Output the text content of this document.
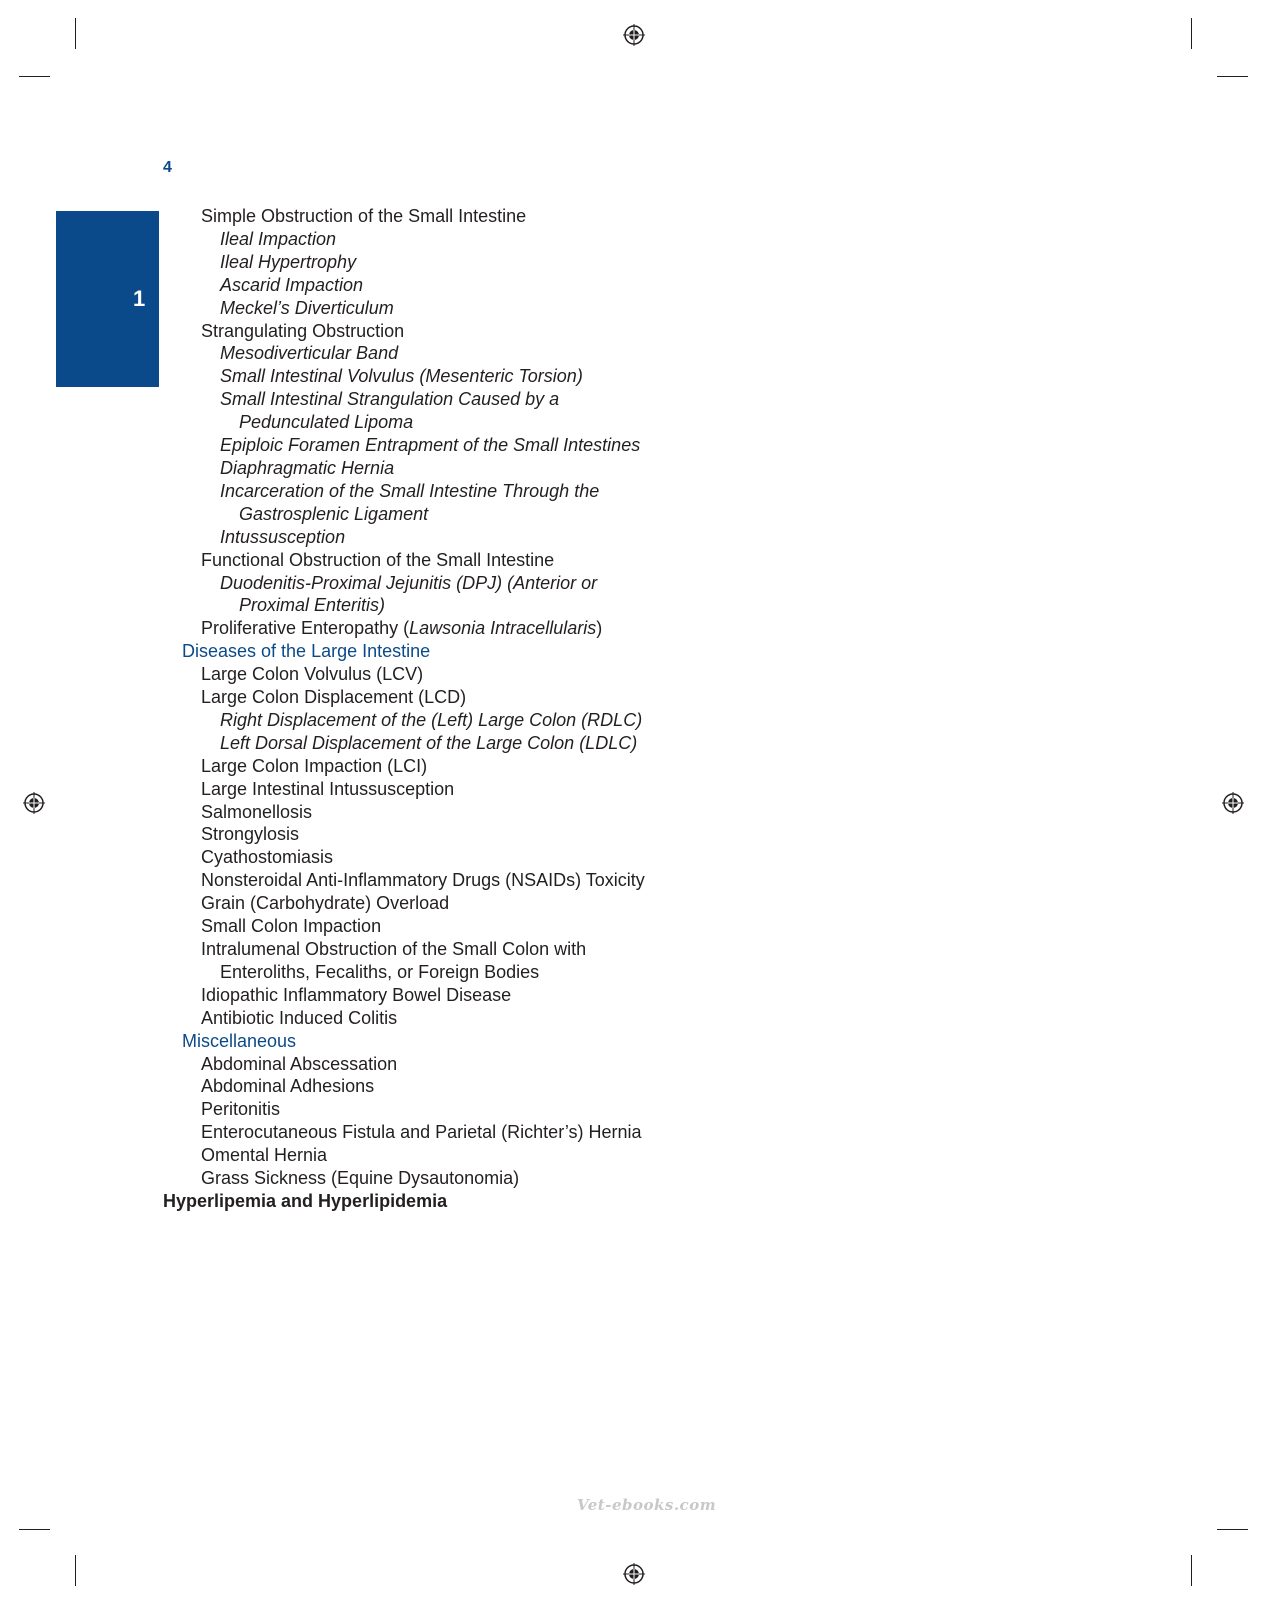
4
1
Simple Obstruction of the Small Intestine
Ileal Impaction
Ileal Hypertrophy
Ascarid Impaction
Meckel’s Diverticulum
Strangulating Obstruction
Mesodiverticular Band
Small Intestinal Volvulus (Mesenteric Torsion)
Small Intestinal Strangulation Caused by a
Pedunculated Lipoma
Epiploic Foramen Entrapment of the Small Intestines
Diaphragmatic Hernia
Incarceration of the Small Intestine Through the
Gastrosplenic Ligament
Intussusception
Functional Obstruction of the Small Intestine
Duodenitis-Proximal Jejunitis (DPJ) (Anterior or
Proximal Enteritis)
Proliferative Enteropathy (Lawsonia Intracellularis)
Diseases of the Large Intestine
Large Colon Volvulus (LCV)
Large Colon Displacement (LCD)
Right Displacement of the (Left) Large Colon (RDLC)
Left Dorsal Displacement of the Large Colon (LDLC)
Large Colon Impaction (LCI)
Large Intestinal Intussusception
Salmonellosis
Strongylosis
Cyathostomiasis
Nonsteroidal Anti-Inflammatory Drugs (NSAIDs) Toxicity
Grain (Carbohydrate) Overload
Small Colon Impaction
Intralumenal Obstruction of the Small Colon with
Enteroliths, Fecaliths, or Foreign Bodies
Idiopathic Inflammatory Bowel Disease
Antibiotic Induced Colitis
Miscellaneous
Abdominal Abscessation
Abdominal Adhesions
Peritonitis
Enterocutaneous Fistula and Parietal (Richter’s) Hernia
Omental Hernia
Grass Sickness (Equine Dysautonomia)
Hyperlipemia and Hyperlipidemia
Vet-ebooks.com
